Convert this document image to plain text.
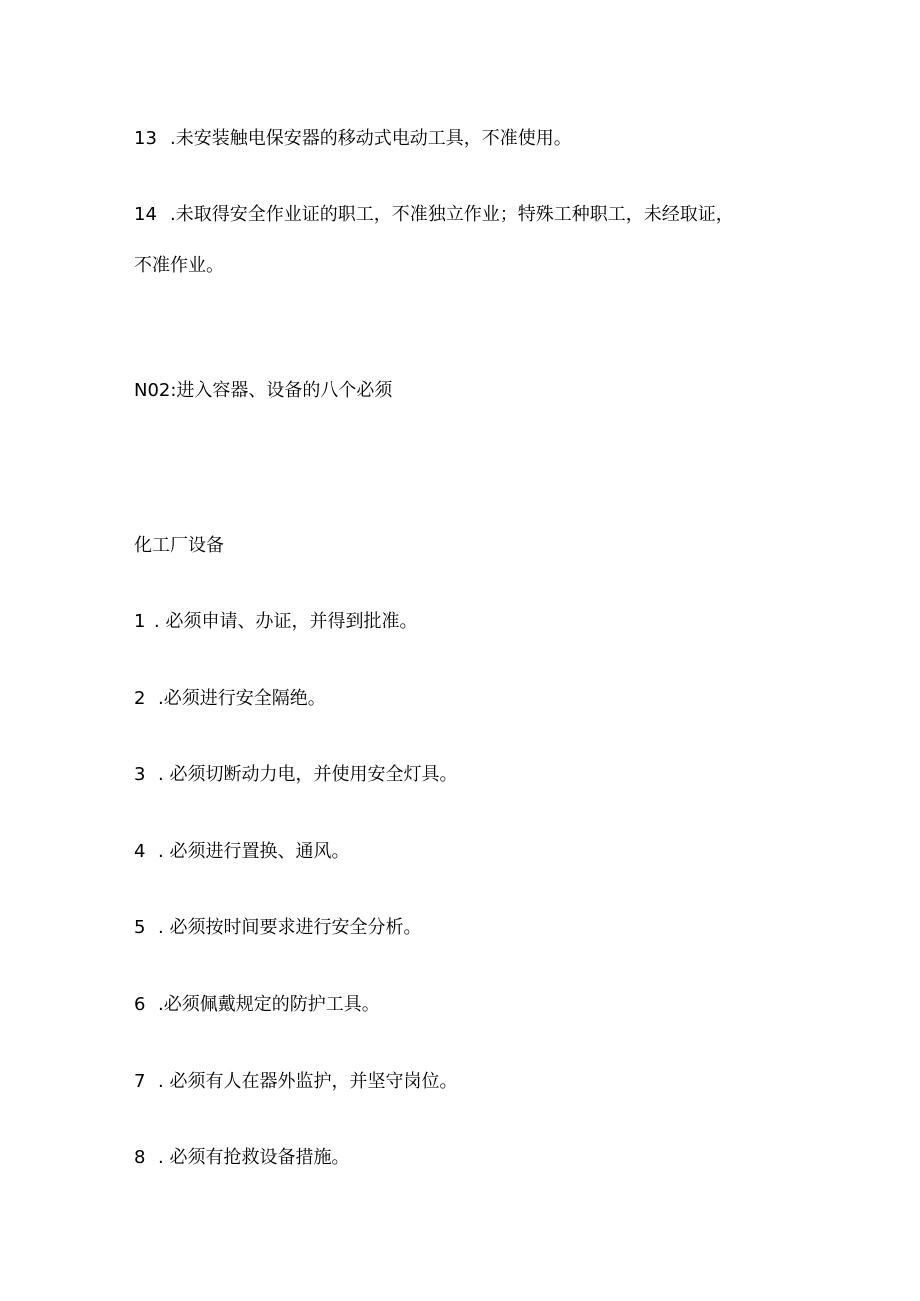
13 .未安装触电保安器的移动式电动工具，不准使用。
14 .未取得安全作业证的职工，不准独立作业；特殊工种职工，未经取证，
不准作业。
N02:进入容器、设备的八个必须
化工厂设备
1 . 必须申请、办证，并得到批准。
2 .必须进行安全隔绝。
3 . 必须切断动力电，并使用安全灯具。
4 . 必须进行置换、通风。
5 . 必须按时间要求进行安全分析。
6 .必须佩戴规定的防护工具。
7 . 必须有人在器外监护，并坚守岗位。
8 . 必须有抢救设备措施。
